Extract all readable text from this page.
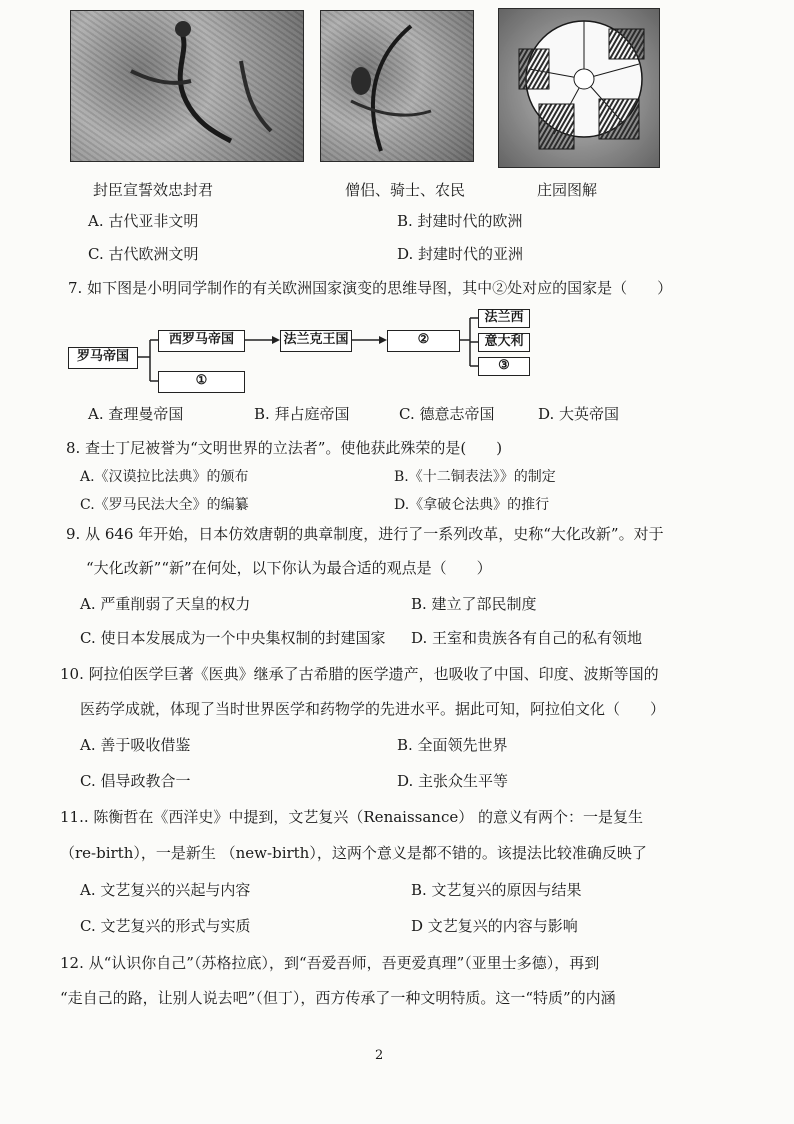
封臣宣誓效忠封君	僧侣、骑士、农民	庄园图解
A. 古代亚非文明	B. 封建时代的欧洲
C. 古代欧洲文明	D. 封建时代的亚洲
7. 如下图是小明同学制作的有关欧洲国家演变的思维导图，其中②处对应的国家是（　　）
罗马帝国
西罗马帝国
①
法兰克王国	②
法兰西
意大利
③
A. 查理曼帝国	B. 拜占庭帝国	C. 德意志帝国	D. 大英帝国
8. 查士丁尼被誉为“文明世界的立法者”。使他获此殊荣的是(　　)
A.《汉谟拉比法典》的颁布	B.《十二铜表法》》的制定
C.《罗马民法大全》的编纂	D.《拿破仑法典》的推行
9. 从 646 年开始，日本仿效唐朝的典章制度，进行了一系列改革，史称“大化改新”。对于
“大化改新”“新”在何处，以下你认为最合适的观点是（　　）
A. 严重削弱了天皇的权力	B. 建立了部民制度
C. 使日本发展成为一个中央集权制的封建国家 D. 王室和贵族各有自己的私有领地
10. 阿拉伯医学巨著《医典》继承了古希腊的医学遗产，也吸收了中国、印度、波斯等国的
医药学成就，体现了当时世界医学和药物学的先进水平。据此可知，阿拉伯文化（　　）
A. 善于吸收借鉴	B. 全面领先世界
C. 倡导政教合一	D. 主张众生平等
11.. 陈衡哲在《西洋史》中提到，文艺复兴（Renaissance） 的意义有两个：一是复生
（re-birth），一是新生 （new-birth），这两个意义是都不错的。该提法比较准确反映了
A. 文艺复兴的兴起与内容	B. 文艺复兴的原因与结果
C. 文艺复兴的形式与实质	D 文艺复兴的内容与影响
12. 从“认识你自己”（苏格拉底），到“吾爱吾师，吾更爱真理”（亚里士多德），再到
“走自己的路，让别人说去吧”（但丁），西方传承了一种文明特质。这一“特质”的内涵
2
